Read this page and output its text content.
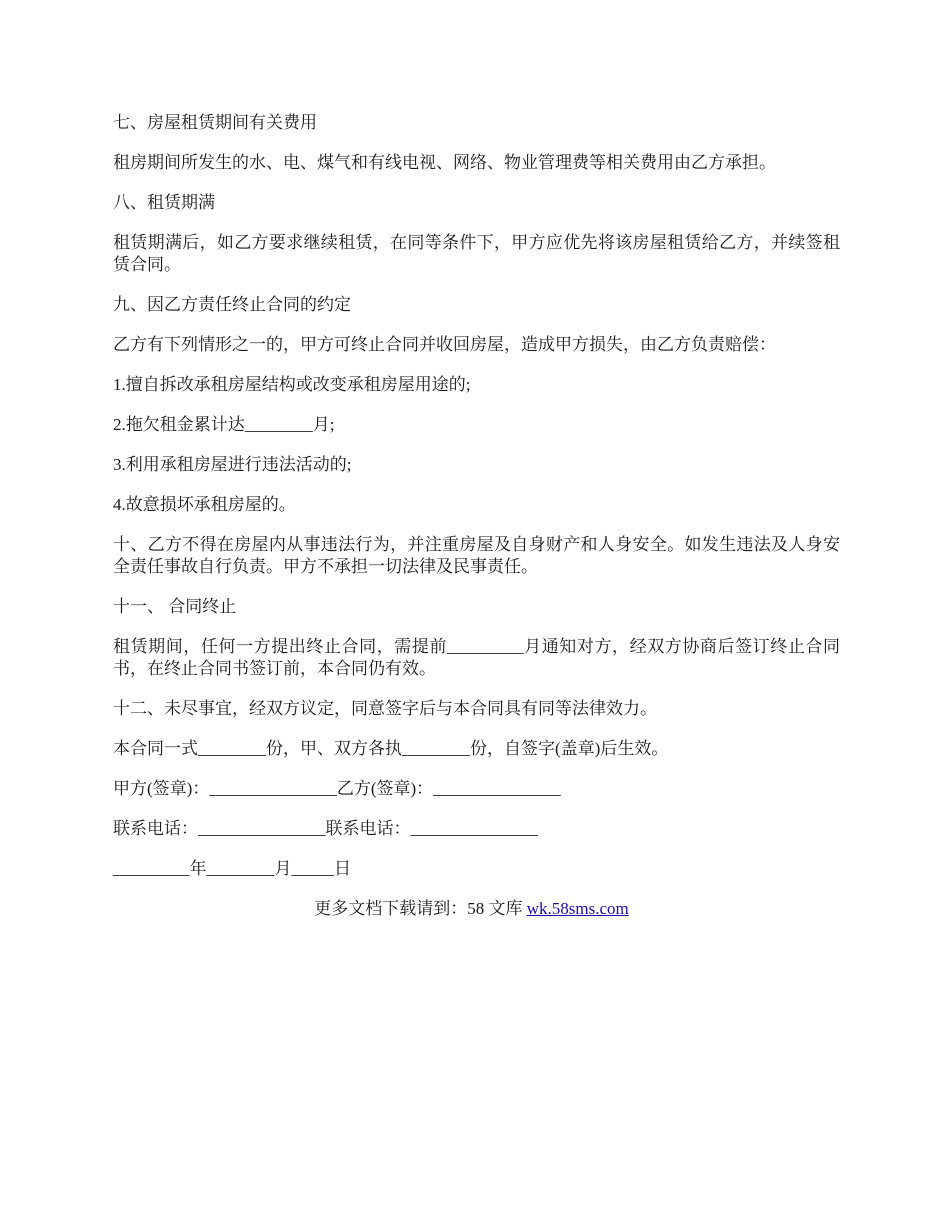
七、房屋租赁期间有关费用

租房期间所发生的水、电、煤气和有线电视、网络、物业管理费等相关费用由乙方承担。

八、租赁期满

租赁期满后，如乙方要求继续租赁，在同等条件下，甲方应优先将该房屋租赁给乙方，并续签租赁合同。

九、因乙方责任终止合同的约定

乙方有下列情形之一的，甲方可终止合同并收回房屋，造成甲方损失，由乙方负责赔偿：

1.擅自拆改承租房屋结构或改变承租房屋用途的;

2.拖欠租金累计达________月;

3.利用承租房屋进行违法活动的;

4.故意损坏承租房屋的。

十、乙方不得在房屋内从事违法行为，并注重房屋及自身财产和人身安全。如发生违法及人身安全责任事故自行负责。甲方不承担一切法律及民事责任。

十一、 合同终止

租赁期间，任何一方提出终止合同，需提前_________月通知对方，经双方协商后签订终止合同书，在终止合同书签订前，本合同仍有效。

十二、未尽事宜，经双方议定，同意签字后与本合同具有同等法律效力。

本合同一式________份，甲、双方各执________份，自签字(盖章)后生效。

甲方(签章)：_______________乙方(签章)：_______________

联系电话：_______________联系电话：_______________

_________年________月_____日

更多文档下载请到：58 文库 wk.58sms.com
